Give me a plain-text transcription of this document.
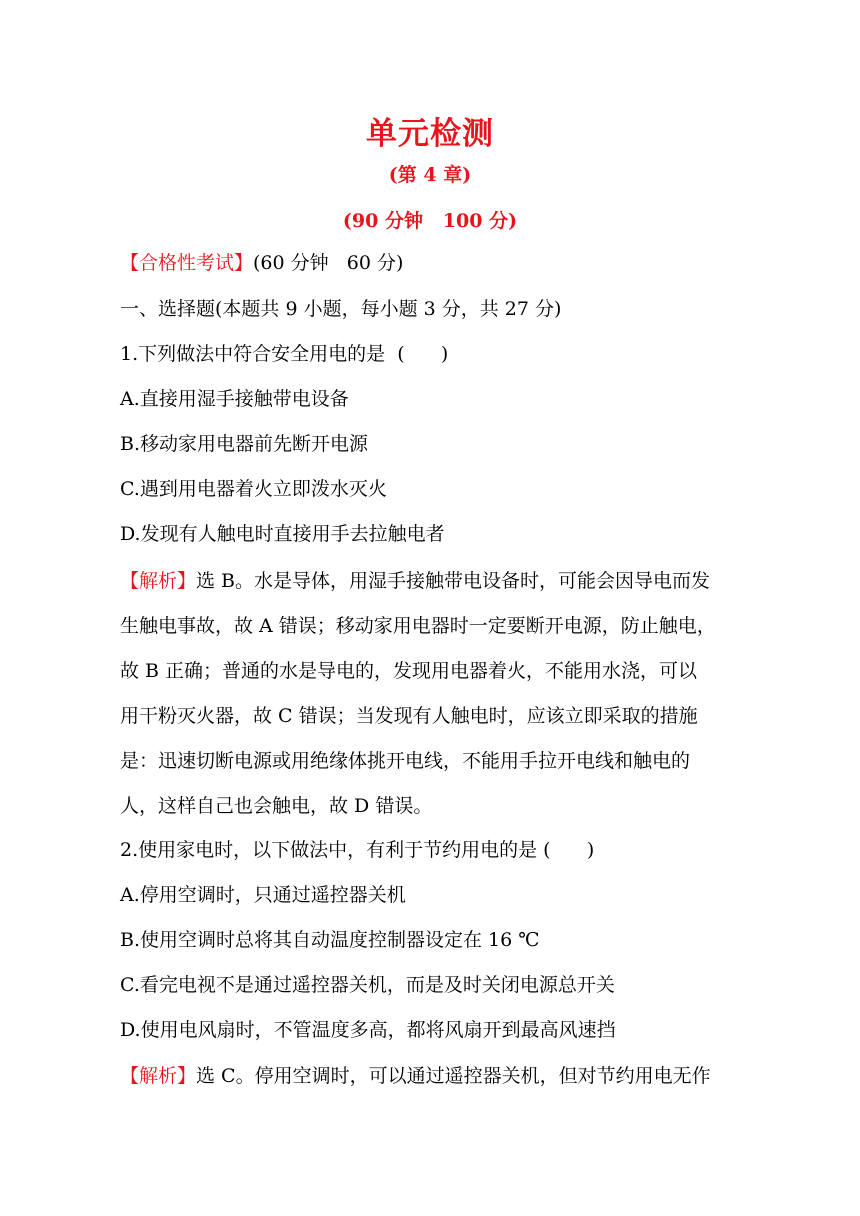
单元检测
(第 4 章)
(90 分钟   100 分)
【合格性考试】(60 分钟   60 分)
一、选择题(本题共 9 小题，每小题 3 分，共 27 分)
1.下列做法中符合安全用电的是  (      )
A.直接用湿手接触带电设备
B.移动家用电器前先断开电源
C.遇到用电器着火立即泼水灭火
D.发现有人触电时直接用手去拉触电者
【解析】选 B。水是导体，用湿手接触带电设备时，可能会因导电而发
生触电事故，故 A 错误；移动家用电器时一定要断开电源，防止触电，
故 B 正确；普通的水是导电的，发现用电器着火，不能用水浇，可以
用干粉灭火器，故 C 错误；当发现有人触电时，应该立即采取的措施
是：迅速切断电源或用绝缘体挑开电线，不能用手拉开电线和触电的
人，这样自己也会触电，故 D 错误。
2.使用家电时，以下做法中，有利于节约用电的是 (      )
A.停用空调时，只通过遥控器关机
B.使用空调时总将其自动温度控制器设定在 16 ℃
C.看完电视不是通过遥控器关机，而是及时关闭电源总开关
D.使用电风扇时，不管温度多高，都将风扇开到最高风速挡
【解析】选 C。停用空调时，可以通过遥控器关机，但对节约用电无作
